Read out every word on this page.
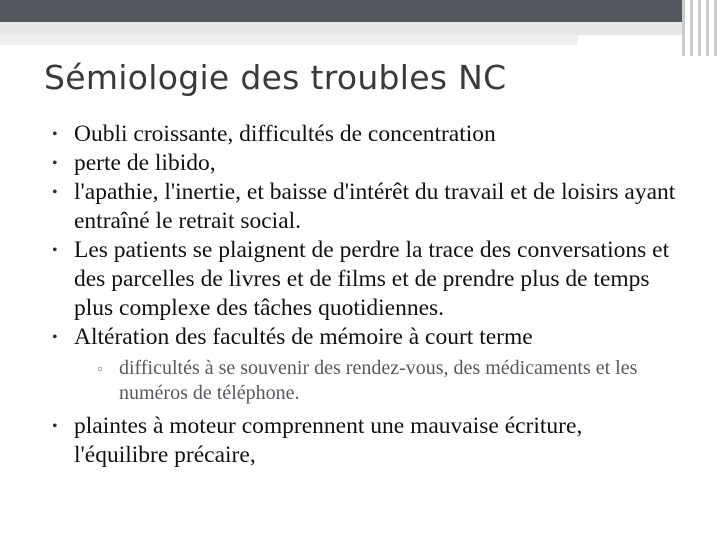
Sémiologie des troubles NC
• Oubli croissante, difficultés de concentration
• perte de libido,
• l'apathie, l'inertie, et baisse d'intérêt du travail et de loisirs ayant entraîné le retrait social.
• Les patients se plaignent de perdre la trace des conversations et des parcelles de livres et de films et de prendre plus de temps plus complexe des tâches quotidiennes.
• Altération des facultés de mémoire à court terme
▫ difficultés à se souvenir des rendez-vous, des médicaments et les numéros de téléphone.
• plaintes à moteur comprennent une mauvaise écriture, l'équilibre précaire,
